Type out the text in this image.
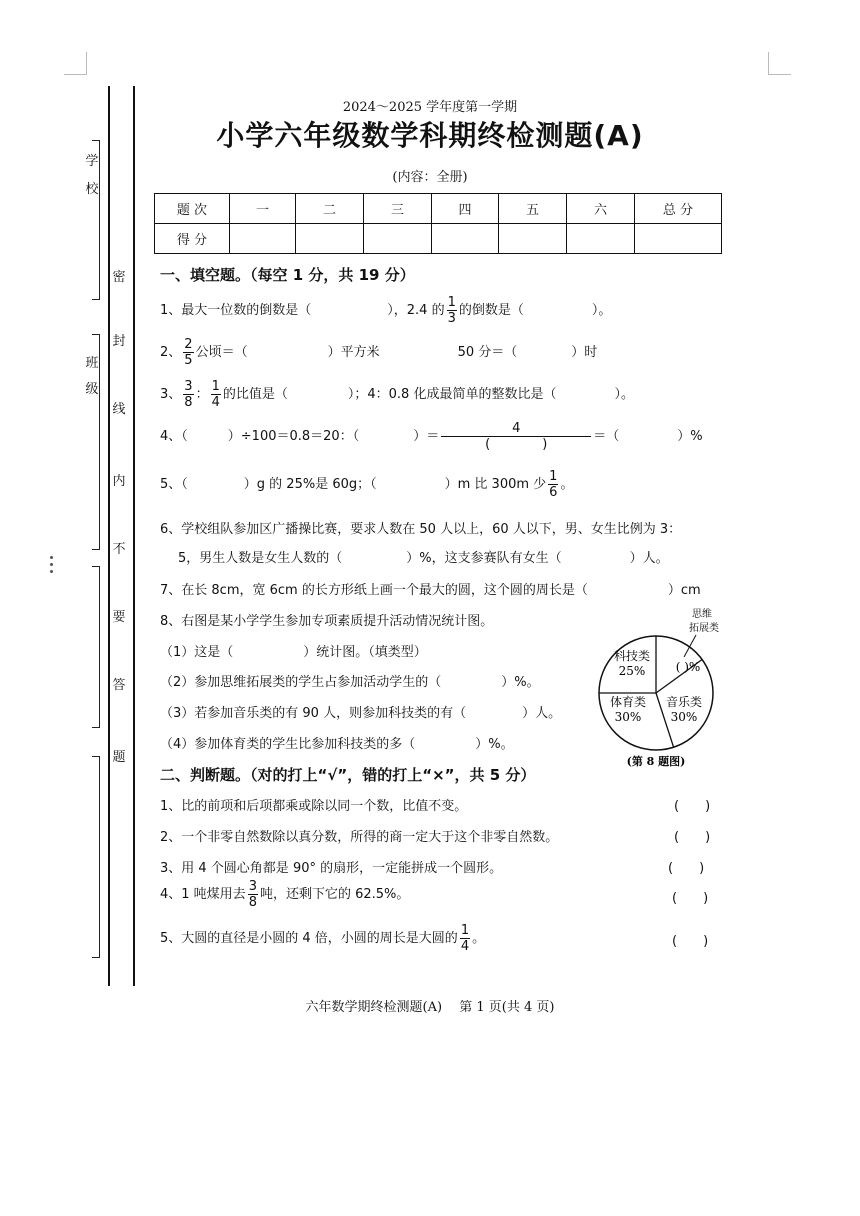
学
校
班
级
密
封
线
内
不
要
答
题
2024～2025 学年度第一学期
小学六年级数学科期终检测题(A)
(内容：全册)
题 次	一	二	三	四	五	六	总 分
得 分							
一、填空题。（每空 1 分，共 19 分）
1、最大一位数的倒数是（	），2.4 的 $\frac{1}{3}$ 的倒数是（	）。
2、 $\frac{2}{5}$ 公顷＝（	）平方米	50 分＝（	）时
3、 $\frac{3}{8}$ ： $\frac{1}{4}$ 的比值是（	）；4：0.8 化成最简单的整数比是（	）。
4、（	）÷100＝0.8＝20：（	）＝ $\frac{4}{( )}$ ＝（	）%
5、（	）g 的 25%是 60g；（	）m 比 300m 少 $\frac{1}{6}$ 。
6、学校组队参加区广播操比赛，要求人数在 50 人以上，60 人以下，男、女生比例为 3：
5，男生人数是女生人数的（	）%，这支参赛队有女生（	）人。
7、在长 8cm，宽 6cm 的长方形纸上画一个最大的圆，这个圆的周长是（	）cm
8、右图是某小学学生参加专项素质提升活动情况统计图。
（1）这是（	）统计图。（填类型）
（2）参加思维拓展类的学生占参加活动学生的（	）%。
（3）若参加音乐类的有 90 人，则参加科技类的有（	）人。
（4）参加体育类的学生比参加科技类的多（	）%。
思维
拓展类
科技类
25%	( )%
体育类
30%
音乐类
30%
(第 8 题图)
二、判断题。（对的打上“√”，错的打上“×”，共 5 分）
1、比的前项和后项都乘或除以同一个数，比值不变。	(　　)
2、一个非零自然数除以真分数，所得的商一定大于这个非零自然数。	(　　)
3、用 4 个圆心角都是 90° 的扇形，一定能拼成一个圆形。	(　　)
4、1 吨煤用去 $\frac{3}{8}$ 吨，还剩下它的 62.5%。	(　　)
5、大圆的直径是小圆的 4 倍，小圆的周长是大圆的 $\frac{1}{4}$ 。	(　　)
六年数学期终检测题(A)　 第 1 页(共 4 页)
